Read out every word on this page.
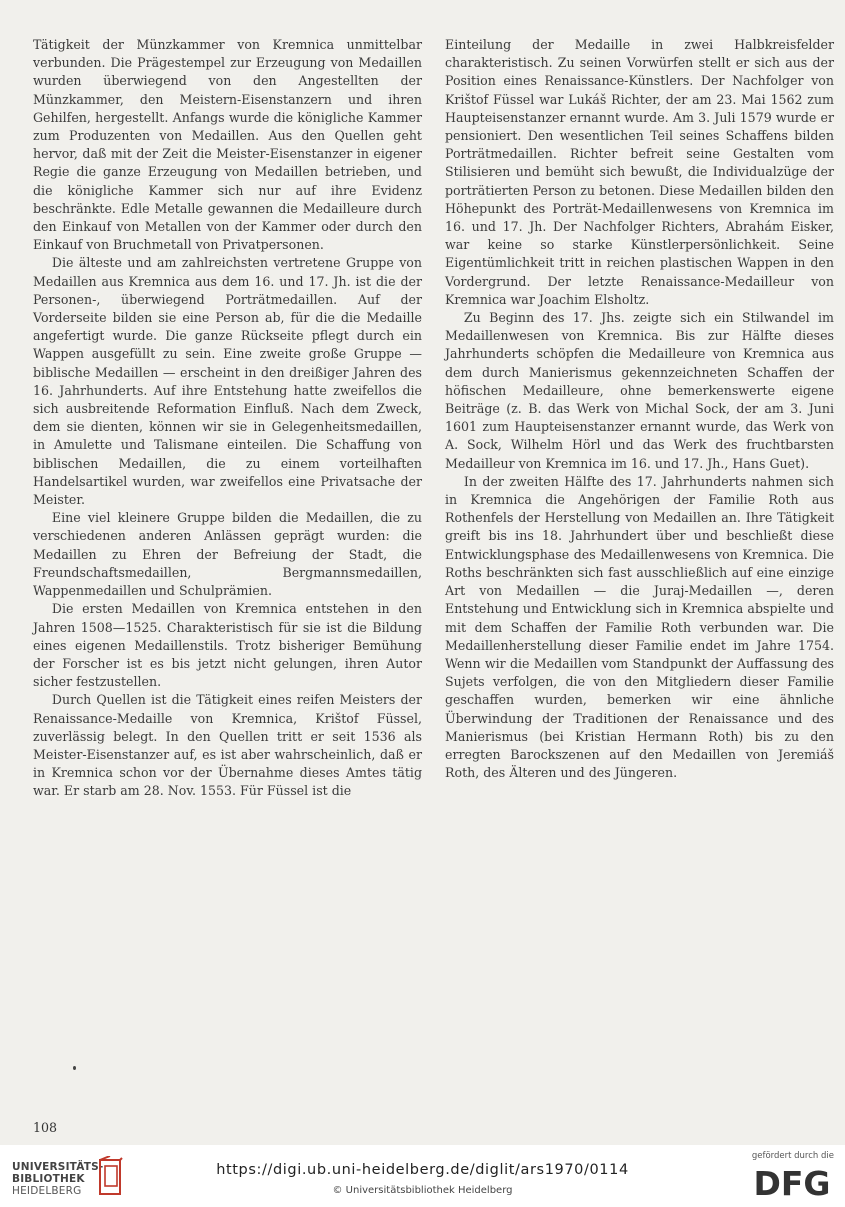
Tätigkeit der Münzkammer von Kremnica unmittelbar verbunden. Die Prägestempel zur Erzeugung von Medaillen wurden überwiegend von den Angestellten der Münzkammer, den Meistern-Eisenstanzern und ihren Gehilfen, hergestellt. Anfangs wurde die königliche Kammer zum Produzenten von Medaillen. Aus den Quellen geht hervor, daß mit der Zeit die Meister-Eisenstanzer in eigener Regie die ganze Erzeugung von Medaillen betrieben, und die königliche Kammer sich nur auf ihre Evidenz beschränkte. Edle Metalle gewannen die Medailleure durch den Einkauf von Metallen von der Kammer oder durch den Einkauf von Bruchmetall von Privatpersonen.

Die älteste und am zahlreichsten vertretene Gruppe von Medaillen aus Kremnica aus dem 16. und 17. Jh. ist die der Personen-, überwiegend Porträtmedaillen. Auf der Vorderseite bilden sie eine Person ab, für die die Medaille angefertigt wurde. Die ganze Rückseite pflegt durch ein Wappen ausgefüllt zu sein. Eine zweite große Gruppe — biblische Medaillen — erscheint in den dreißiger Jahren des 16. Jahrhunderts. Auf ihre Entstehung hatte zweifellos die sich ausbreitende Reformation Einfluß. Nach dem Zweck, dem sie dienten, können wir sie in Gelegenheitsmedaillen, in Amulette und Talismane einteilen. Die Schaffung von biblischen Medaillen, die zu einem vorteilhaften Handelsartikel wurden, war zweifellos eine Privatsache der Meister.

Eine viel kleinere Gruppe bilden die Medaillen, die zu verschiedenen anderen Anlässen geprägt wurden: die Medaillen zu Ehren der Befreiung der Stadt, die Freundschaftsmedaillen, Bergmannsmedaillen, Wappenmedaillen und Schulprämien.

Die ersten Medaillen von Kremnica entstehen in den Jahren 1508—1525. Charakteristisch für sie ist die Bildung eines eigenen Medaillenstils. Trotz bisheriger Bemühung der Forscher ist es bis jetzt nicht gelungen, ihren Autor sicher festzustellen.

Durch Quellen ist die Tätigkeit eines reifen Meisters der Renaissance-Medaille von Kremnica, Krištof Füssel, zuverlässig belegt. In den Quellen tritt er seit 1536 als Meister-Eisenstanzer auf, es ist aber wahrscheinlich, daß er in Kremnica schon vor der Übernahme dieses Amtes tätig war. Er starb am 28. Nov. 1553. Für Füssel ist die

Einteilung der Medaille in zwei Halbkreisfelder charakteristisch. Zu seinen Vorwürfen stellt er sich aus der Position eines Renaissance-Künstlers. Der Nachfolger von Krištof Füssel war Lukáš Richter, der am 23. Mai 1562 zum Haupteisenstanzer ernannt wurde. Am 3. Juli 1579 wurde er pensioniert. Den wesentlichen Teil seines Schaffens bilden Porträtmedaillen. Richter befreit seine Gestalten vom Stilisieren und bemüht sich bewußt, die Individualzüge der porträtierten Person zu betonen. Diese Medaillen bilden den Höhepunkt des Porträt-Medaillenwesens von Kremnica im 16. und 17. Jh. Der Nachfolger Richters, Abrahám Eisker, war keine so starke Künstlerpersönlichkeit. Seine Eigentümlichkeit tritt in reichen plastischen Wappen in den Vordergrund. Der letzte Renaissance-Medailleur von Kremnica war Joachim Elsholtz.

Zu Beginn des 17. Jhs. zeigte sich ein Stilwandel im Medaillenwesen von Kremnica. Bis zur Hälfte dieses Jahrhunderts schöpfen die Medailleure von Kremnica aus dem durch Manierismus gekennzeichneten Schaffen der höfischen Medailleure, ohne bemerkenswerte eigene Beiträge (z. B. das Werk von Michal Sock, der am 3. Juni 1601 zum Haupteisenstanzer ernannt wurde, das Werk von A. Sock, Wilhelm Hörl und das Werk des fruchtbarsten Medailleur von Kremnica im 16. und 17. Jh., Hans Guet).

In der zweiten Hälfte des 17. Jahrhunderts nahmen sich in Kremnica die Angehörigen der Familie Roth aus Rothenfels der Herstellung von Medaillen an. Ihre Tätigkeit greift bis ins 18. Jahrhundert über und beschließt diese Entwicklungsphase des Medaillenwesens von Kremnica. Die Roths beschränkten sich fast ausschließlich auf eine einzige Art von Medaillen — die Juraj-Medaillen —, deren Entstehung und Entwicklung sich in Kremnica abspielte und mit dem Schaffen der Familie Roth verbunden war. Die Medaillenherstellung dieser Familie endet im Jahre 1754. Wenn wir die Medaillen vom Standpunkt der Auffassung des Sujets verfolgen, die von den Mitgliedern dieser Familie geschaffen wurden, bemerken wir eine ähnliche Überwindung der Traditionen der Renaissance und des Manierismus (bei Kristian Hermann Roth) bis zu den erregten Barockszenen auf den Medaillen von Jeremiáš Roth, des Älteren und des Jüngeren.

108
UNIVERSITÄTS-
BIBLIOTHEK
HEIDELBERG
https://digi.ub.uni-heidelberg.de/diglit/ars1970/0114
© Universitätsbibliothek Heidelberg
gefördert durch die
DFG
